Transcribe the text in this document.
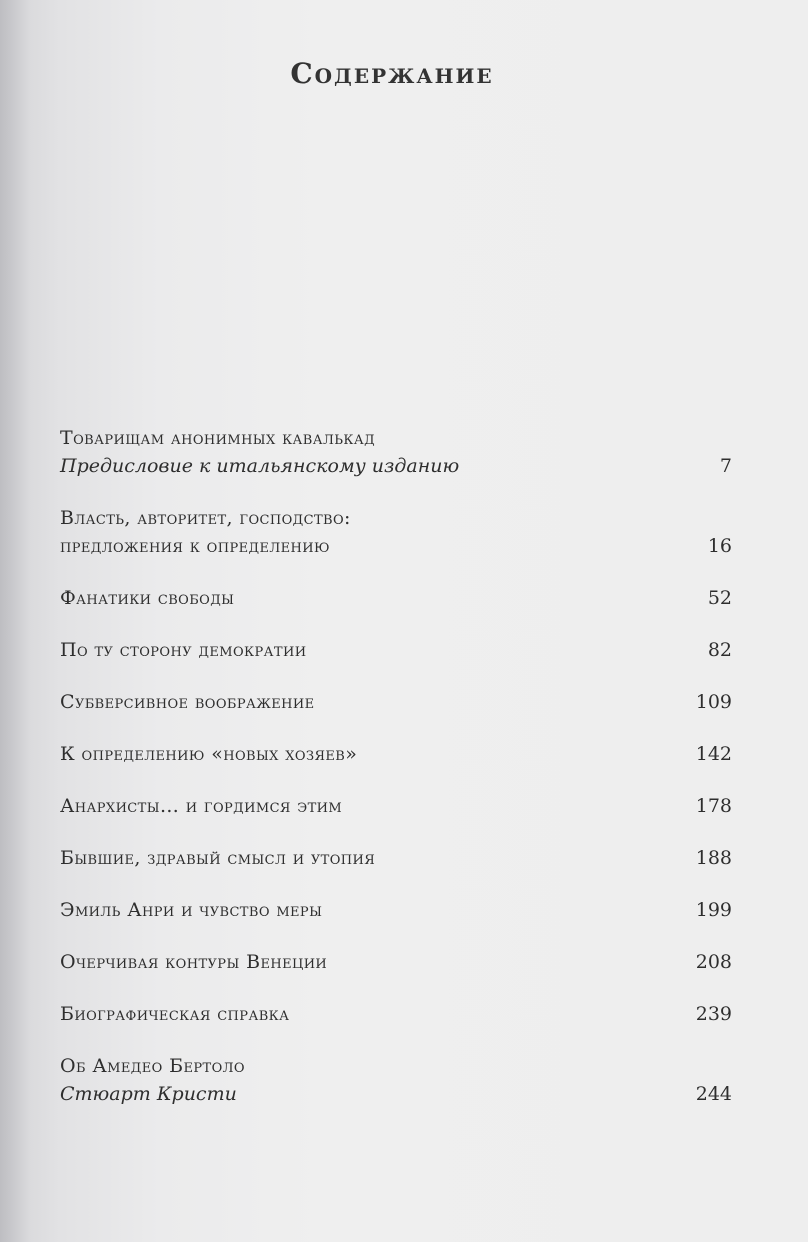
Содержание
Товарищам анонимных кавалькад
Предисловие к итальянскому изданию	7
Власть, авторитет, господство:
предложения к определению	16
Фанатики свободы	52
По ту сторону демократии	82
Субверсивное воображение	109
К определению «новых хозяев»	142
Анархисты… и гордимся этим	178
Бывшие, здравый смысл и утопия	188
Эмиль Анри и чувство меры	199
Очерчивая контуры Венеции	208
Биографическая справка	239
Об Амедео Бертоло
Стюарт Кристи	244
